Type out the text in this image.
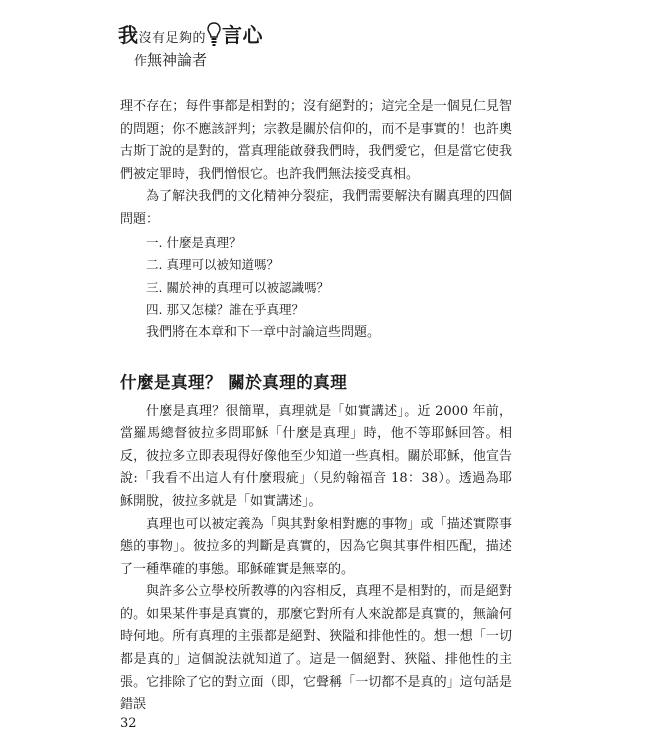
我沒有足夠的 言心
作無神論者

理不存在；每件事都是相對的；沒有絕對的；這完全是一個見仁見智的問題；你不應該評判；宗教是關於信仰的，而不是事實的！也許奧古斯丁說的是對的，當真理能啟發我們時，我們愛它，但是當它使我們被定罪時，我們憎恨它。也許我們無法接受真相。

為了解決我們的文化精神分裂症，我們需要解決有關真理的四個問題：

一. 什麼是真理？
二. 真理可以被知道嗎？
三. 關於神的真理可以被認識嗎？
四. 那又怎樣？誰在乎真理？

我們將在本章和下一章中討論這些問題。

什麼是真理？ 關於真理的真理

什麼是真理？很簡單，真理就是「如實講述」。近 2000 年前，當羅馬總督彼拉多問耶穌「什麼是真理」時，他不等耶穌回答。相反，彼拉多立即表現得好像他至少知道一些真相。關於耶穌，他宣告說:「我看不出這人有什麼瑕疵」（見約翰福音 18：38）。透過為耶穌開脫，彼拉多就是「如實講述」。

真理也可以被定義為「與其對象相對應的事物」或「描述實際事態的事物」。彼拉多的判斷是真實的，因為它與其事件相匹配，描述了一種準確的事態。耶穌確實是無辜的。

與許多公立學校所教導的內容相反，真理不是相對的，而是絕對的。如果某件事是真實的，那麼它對所有人來說都是真實的，無論何時何地。所有真理的主張都是絕對、狹隘和排他性的。想一想「一切都是真的」這個說法就知道了。這是一個絕對、狹隘、排他性的主張。它排除了它的對立面（即，它聲稱「一切都不是真的」這句話是錯誤

32
